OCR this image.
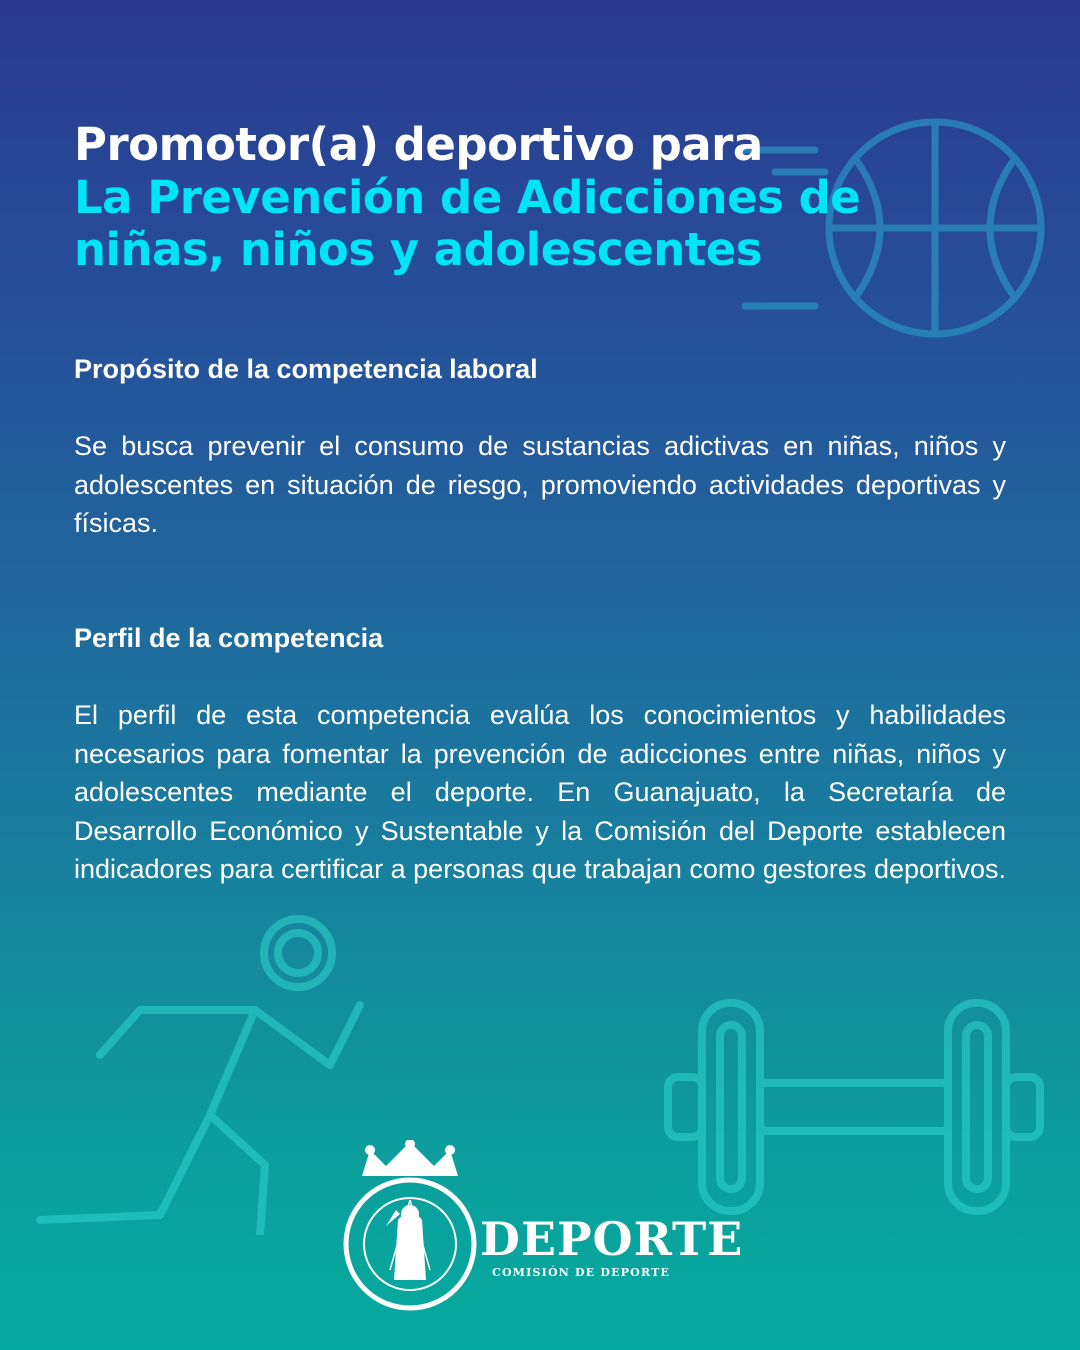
Promotor(a) deportivo para
La Prevención de Adicciones de
niñas, niños y adolescentes

Propósito de la competencia laboral

Se busca prevenir el consumo de sustancias adictivas en niñas, niños y adolescentes en situación de riesgo, promoviendo actividades deportivas y físicas.

Perfil de la competencia

El perfil de esta competencia evalúa los conocimientos y habilidades necesarios para fomentar la prevención de adicciones entre niñas, niños y adolescentes mediante el deporte. En Guanajuato, la Secretaría de Desarrollo Económico y Sustentable y la Comisión del Deporte establecen indicadores para certificar a personas que trabajan como gestores deportivos.

DEPORTE
COMISIÓN DE DEPORTE
